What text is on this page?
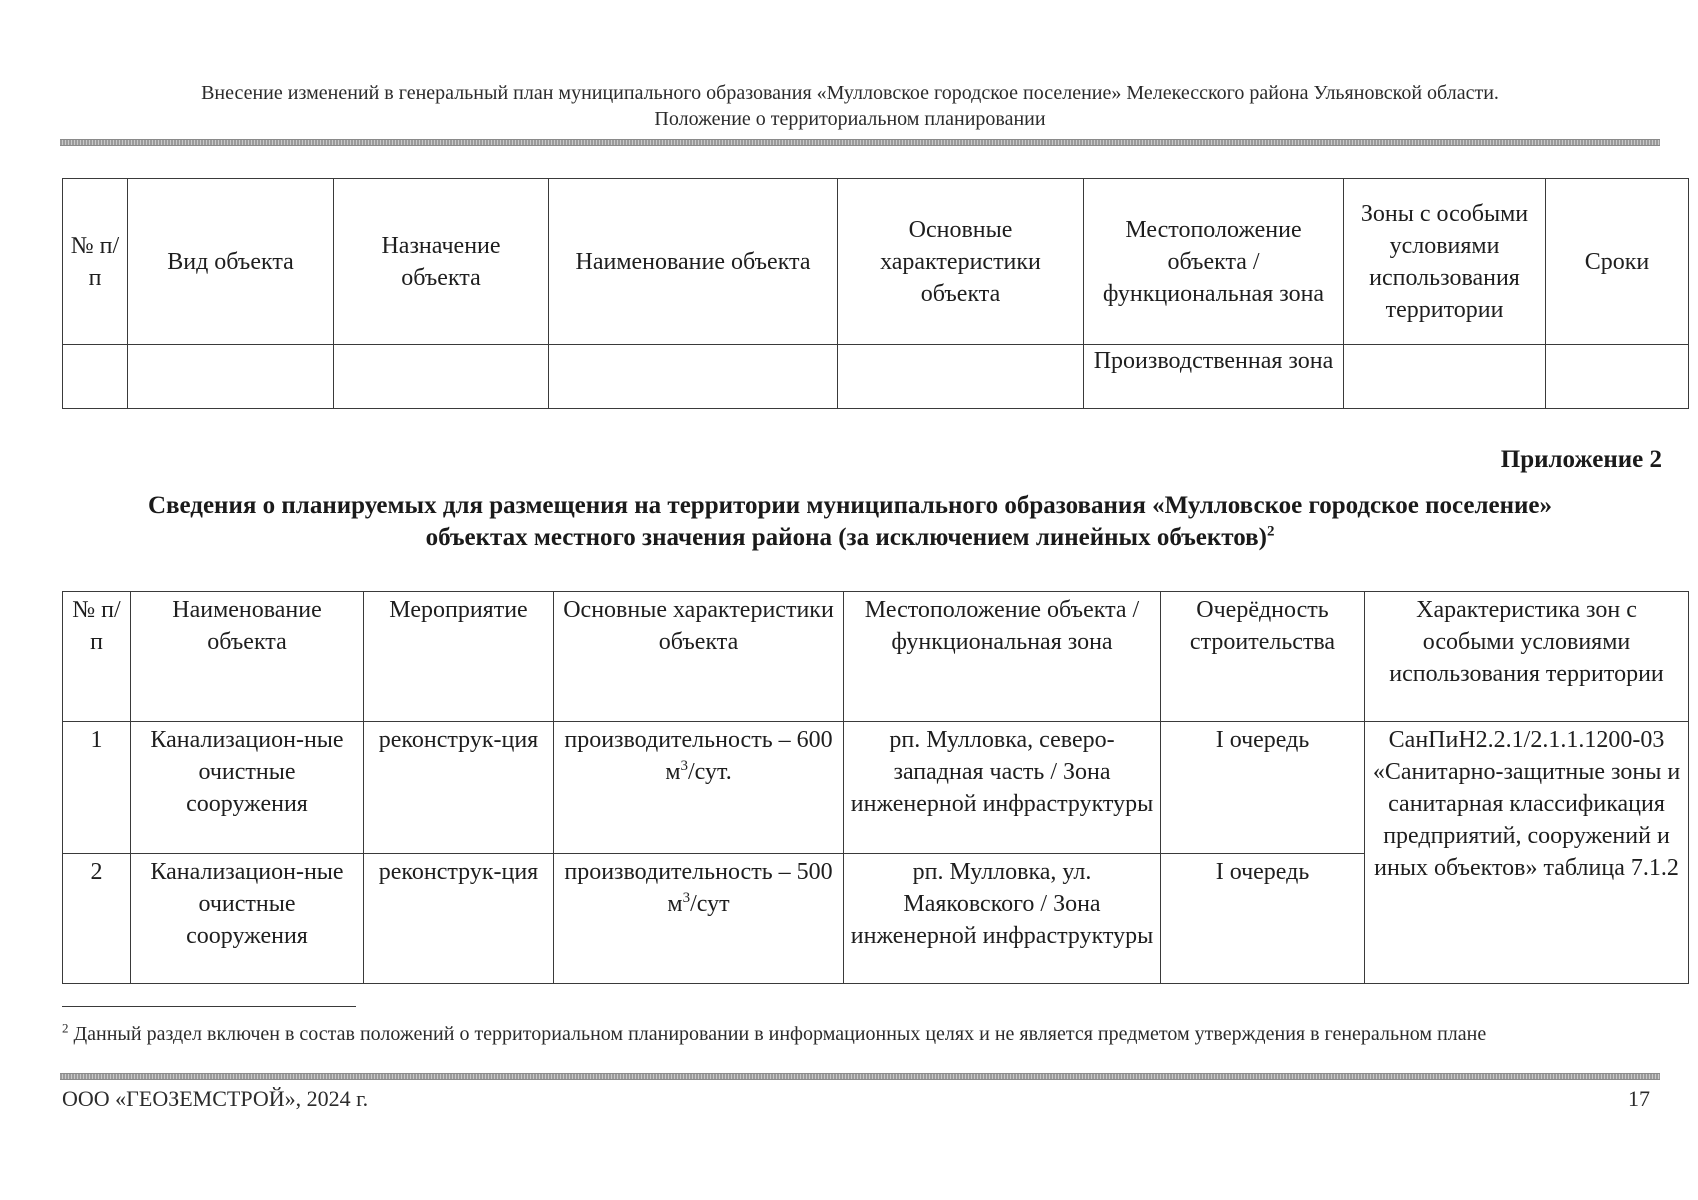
Внесение изменений в генеральный план муниципального образования «Мулловское городское поселение» Мелекесского района Ульяновской области.
Положение о территориальном планировании
№ п/п	Вид объекта	Назначение объекта	Наименование объекта	Основные характеристики объекта	Местоположение объекта / функциональная зона	Зоны с особыми условиями использования территории	Сроки
					Производственная зона		
Приложение 2
Сведения о планируемых для размещения на территории муниципального образования «Мулловское городское поселение» объектах местного значения района (за исключением линейных объектов)$^2$
№ п/п	Наименование объекта	Мероприятие	Основные характеристики объекта	Местоположение объекта / функциональная зона	Очерёдность строительства	Характеристика зон с особыми условиями использования территории
1	Канализацион-ные очистные сооружения	реконструк-ция	производительность – 600 $м^3$/сут.	рп. Мулловка, северо-западная часть / Зона инженерной инфраструктуры	I очередь	СанПиН2.2.1/2.1.1.1200-03 «Санитарно-защитные зоны и санитарная классификация предприятий, сооружений и иных объектов» таблица 7.1.2
2	Канализацион-ные очистные сооружения	реконструк-ция	производительность – 500 $м^3$/сут	рп. Мулловка, ул. Маяковского / Зона инженерной инфраструктуры	I очередь	
$^2$ Данный раздел включен в состав положений о территориальном планировании в информационных целях и не является предметом утверждения в генеральном плане
ООО «ГЕОЗЕМСТРОЙ», 2024 г.	17
